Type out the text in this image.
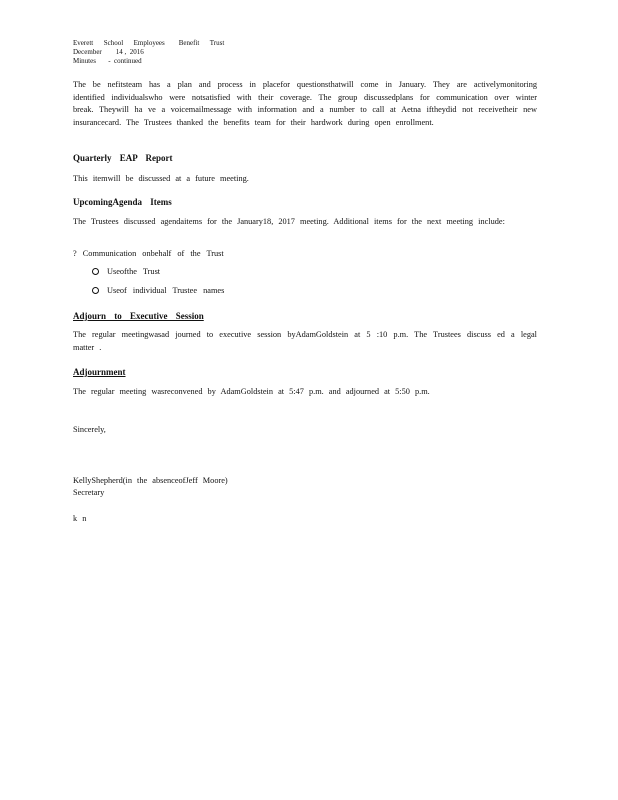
Everett      School      Employees        Benefit      Trust
December        14 ,  2016
Minutes       -  continued
The be nefitsteam has a plan and process in placefor questionsthatwill come in January. They are activelymonitoring identified individualswho were notsatisfied with their coverage. The group discussedplans for communication over winter break. Theywill ha ve a voicemailmessage with information and a number to call at Aetna iftheydid not receivetheir new insurancecard. The Trustees thanked the benefits team for their hardwork during open enrollment.
Quarterly EAP Report
This itemwill be discussed at a future meeting.
UpcomingAgenda Items
The Trustees discussed agendaitems for the January18, 2017 meeting. Additional items for the next meeting include:
? Communication onbehalf of the Trust
Useofthe Trust
Useof individual Trustee names
Adjourn to Executive Session
The regular meetingwasad journed to executive session byAdamGoldstein at 5 :10 p.m. The Trustees discuss ed a legal matter .
Adjournment
The regular meeting wasreconvened by AdamGoldstein at 5:47 p.m. and adjourned at 5:50 p.m.
Sincerely,
KellyShepherd(in the absenceofJeff Moore)
Secretary
k n
